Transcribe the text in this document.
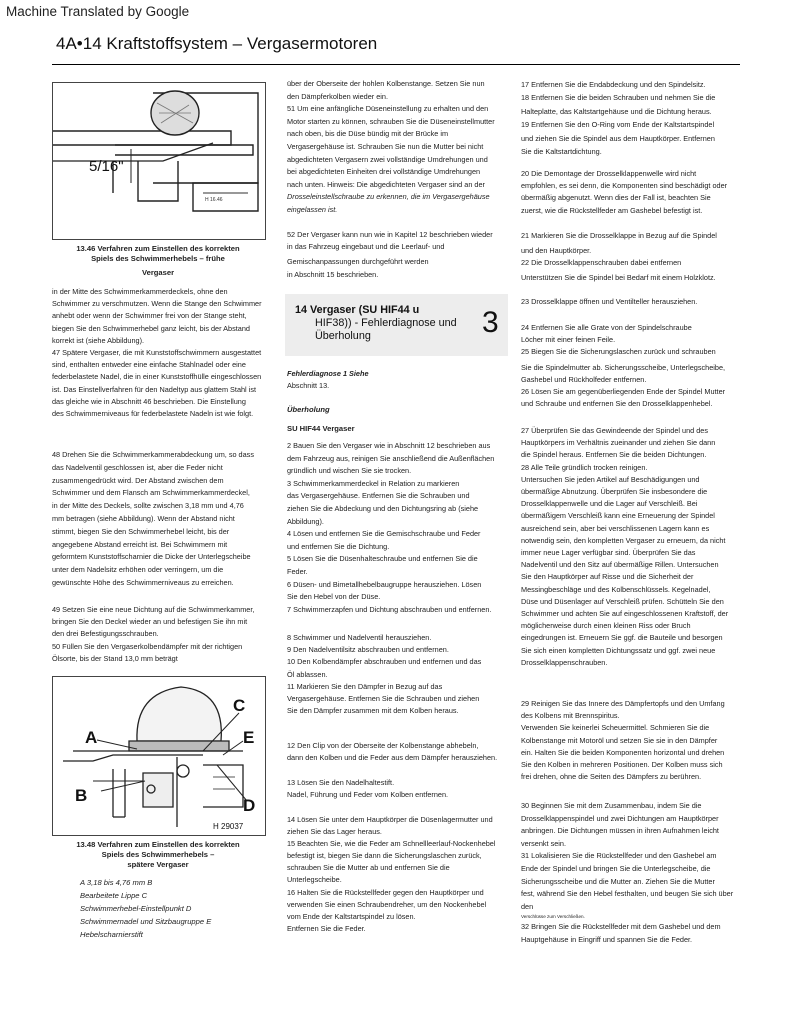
Machine Translated by Google
4A•14 Kraftstoffsystem – Vergasermotoren
5/16"
H 16.46
13.46 Verfahren zum Einstellen des korrekten
Spiels des Schwimmerhebels – frühe
Vergaser

in der Mitte des Schwimmerkammerdeckels, ohne den

Schwimmer zu verschmutzen. Wenn die Stange den Schwimmer

anhebt oder wenn der Schwimmer frei von der Stange steht,

biegen Sie den Schwimmerhebel ganz leicht, bis der Abstand

korrekt ist (siehe Abbildung).

47 Spätere Vergaser, die mit Kunststoffschwimmern ausgestattet

sind, enthalten entweder eine einfache Stahlnadel oder eine

federbelastete Nadel, die in einer Kunststoffhülle eingeschlossen

ist. Das Einstellverfahren für den Nadeltyp aus glattem Stahl ist

das gleiche wie in Abschnitt 46 beschrieben. Die Einstellung

des Schwimmerniveaus für federbelastete Nadeln ist wie folgt.

48 Drehen Sie die Schwimmerkammerabdeckung um, so dass

das Nadelventil geschlossen ist, aber die Feder nicht

zusammengedrückt wird. Der Abstand zwischen dem

Schwimmer und dem Flansch am Schwimmerkammerdeckel,

in der Mitte des Deckels, sollte zwischen 3,18 mm und 4,76

mm betragen (siehe Abbildung). Wenn der Abstand nicht

stimmt, biegen Sie den Schwimmerhebel leicht, bis der

angegebene Abstand erreicht ist. Bei Schwimmern mit

geformtem Kunststoffscharnier die Dicke der Unterlegscheibe

unter dem Nadelsitz erhöhen oder verringern, um die

gewünschte Höhe des Schwimmerniveaus zu erreichen.

49 Setzen Sie eine neue Dichtung auf die Schwimmerkammer,

bringen Sie den Deckel wieder an und befestigen Sie ihn mit

den drei Befestigungsschrauben.

50 Füllen Sie den Vergaserkolbendämpfer mit der richtigen

Ölsorte, bis der Stand 13,0 mm beträgt

A
B
C
D
E
H 29037
13.48 Verfahren zum Einstellen des korrekten
Spiels des Schwimmerhebels –
spätere Vergaser
A 3,18 bis 4,76 mm B
Bearbeitete Lippe C
Schwimmerhebel-Einstellpunkt D
Schwimmernadel und Sitzbaugruppe E
Hebelscharnierstift

über der Oberseite der hohlen Kolbenstange. Setzen Sie nun

den Dämpferkolben wieder ein.

51 Um eine anfängliche Düseneinstellung zu erhalten und den

Motor starten zu können, schrauben Sie die Düseneinstellmutter

nach oben, bis die Düse bündig mit der Brücke im

Vergasergehäuse ist. Schrauben Sie nun die Mutter bei nicht

abgedichteten Vergasern zwei vollständige Umdrehungen und

bei abgedichteten Einheiten drei vollständige Umdrehungen

nach unten. Hinweis: Die abgedichteten Vergaser sind an der

Drosseleinstellschraube zu erkennen, die im Vergasergehäuse

eingelassen ist.

52 Der Vergaser kann nun wie in Kapitel 12 beschrieben wieder

in das Fahrzeug eingebaut und die Leerlauf- und

Gemischanpassungen durchgeführt werden

in Abschnitt 15 beschrieben.

14 Vergaser (SU HIF44 u
HIF38)) - Fehlerdiagnose und
Überholung	3

Fehlerdiagnose 1 Siehe

Abschnitt 13.

Überholung
SU HIF44 Vergaser

2 Bauen Sie den Vergaser wie in Abschnitt 12 beschrieben aus

dem Fahrzeug aus, reinigen Sie anschließend die Außenflächen

gründlich und wischen Sie sie trocken.

3 Schwimmerkammerdeckel in Relation zu markieren

das Vergasergehäuse. Entfernen Sie die Schrauben und

ziehen Sie die Abdeckung und den Dichtungsring ab (siehe

Abbildung).

4 Lösen und entfernen Sie die Gemischschraube und Feder

und entfernen Sie die Dichtung.

5 Lösen Sie die Düsenhalteschraube und entfernen Sie die

Feder.

6 Düsen- und Bimetallhebelbaugruppe herausziehen. Lösen

Sie den Hebel von der Düse.

7 Schwimmerzapfen und Dichtung abschrauben und entfernen.

8 Schwimmer und Nadelventil herausziehen.

9 Den Nadelventilsitz abschrauben und entfernen.

10 Den Kolbendämpfer abschrauben und entfernen und das

Öl ablassen.

11 Markieren Sie den Dämpfer in Bezug auf das

Vergasergehäuse. Entfernen Sie die Schrauben und ziehen

Sie den Dämpfer zusammen mit dem Kolben heraus.

12 Den Clip von der Oberseite der Kolbenstange abhebeln,

dann den Kolben und die Feder aus dem Dämpfer herausziehen.

13 Lösen Sie den Nadelhaltestift.

Nadel, Führung und Feder vom Kolben entfernen.

14 Lösen Sie unter dem Hauptkörper die Düsenlagermutter und

ziehen Sie das Lager heraus.

15 Beachten Sie, wie die Feder am Schnellleerlauf-Nockenhebel

befestigt ist, biegen Sie dann die Sicherungslaschen zurück,

schrauben Sie die Mutter ab und entfernen Sie die

Unterlegscheibe.

16 Halten Sie die Rückstellfeder gegen den Hauptkörper und

verwenden Sie einen Schraubendreher, um den Nockenhebel

vom Ende der Kaltstartspindel zu lösen.

Entfernen Sie die Feder.

17 Entfernen Sie die Endabdeckung und den Spindelsitz.

18 Entfernen Sie die beiden Schrauben und nehmen Sie die

Halteplatte, das Kaltstartgehäuse und die Dichtung heraus.

19 Entfernen Sie den O-Ring vom Ende der Kaltstartspindel

und ziehen Sie die Spindel aus dem Hauptkörper. Entfernen

Sie die Kaltstartdichtung.

20 Die Demontage der Drosselklappenwelle wird nicht

empfohlen, es sei denn, die Komponenten sind beschädigt oder

übermäßig abgenutzt. Wenn dies der Fall ist, beachten Sie

zuerst, wie die Rückstellfeder am Gashebel befestigt ist.

21 Markieren Sie die Drosselklappe in Bezug auf die Spindel

und den Hauptkörper.

22 Die Drosselklappenschrauben dabei entfernen

Unterstützen Sie die Spindel bei Bedarf mit einem Holzklotz.

23 Drosselklappe öffnen und Ventilteller herausziehen.

24 Entfernen Sie alle Grate von der Spindelschraube

Löcher mit einer feinen Feile.

25 Biegen Sie die Sicherungslaschen zurück und schrauben

Sie die Spindelmutter ab. Sicherungsscheibe, Unterlegscheibe,

Gashebel und Rückholfeder entfernen.

26 Lösen Sie am gegenüberliegenden Ende der Spindel Mutter

und Schraube und entfernen Sie den Drosselklappenhebel.

27 Überprüfen Sie das Gewindeende der Spindel und des

Hauptkörpers im Verhältnis zueinander und ziehen Sie dann

die Spindel heraus. Entfernen Sie die beiden Dichtungen.

28 Alle Teile gründlich trocken reinigen.

Untersuchen Sie jeden Artikel auf Beschädigungen und

übermäßige Abnutzung. Überprüfen Sie insbesondere die

Drosselklappenwelle und die Lager auf Verschleiß. Bei

übermäßigem Verschleiß kann eine Erneuerung der Spindel

ausreichend sein, aber bei verschlissenen Lagern kann es

notwendig sein, den kompletten Vergaser zu erneuern, da nicht

immer neue Lager verfügbar sind. Überprüfen Sie das

Nadelventil und den Sitz auf übermäßige Rillen. Untersuchen

Sie den Hauptkörper auf Risse und die Sicherheit der

Messingbeschläge und des Kolbenschlüssels. Kegelnadel,

Düse und Düsenlager auf Verschleiß prüfen. Schütteln Sie den

Schwimmer und achten Sie auf eingeschlossenen Kraftstoff, der

möglicherweise durch einen kleinen Riss oder Bruch

eingedrungen ist. Erneuern Sie ggf. die Bauteile und besorgen

Sie sich einen kompletten Dichtungssatz und ggf. zwei neue

Drosselklappenschrauben.

29 Reinigen Sie das Innere des Dämpfertopfs und den Umfang

des Kolbens mit Brennspiritus.

Verwenden Sie keinerlei Scheuermittel. Schmieren Sie die

Kolbenstange mit Motoröl und setzen Sie sie in den Dämpfer

ein. Halten Sie die beiden Komponenten horizontal und drehen

Sie den Kolben in mehreren Positionen. Der Kolben muss sich

frei drehen, ohne die Seiten des Dämpfers zu berühren.

30 Beginnen Sie mit dem Zusammenbau, indem Sie die

Drosselklappenspindel und zwei Dichtungen am Hauptkörper

anbringen. Die Dichtungen müssen in ihren Aufnahmen leicht

versenkt sein.

31 Lokalisieren Sie die Rückstellfeder und den Gashebel am

Ende der Spindel und bringen Sie die Unterlegscheibe, die

Sicherungsscheibe und die Mutter an. Ziehen Sie die Mutter

fest, während Sie den Hebel festhalten, und beugen Sie sich über den

Verschlüsse zum Verschließen.

32 Bringen Sie die Rückstellfeder mit dem Gashebel und dem

Hauptgehäuse in Eingriff und spannen Sie die Feder.
